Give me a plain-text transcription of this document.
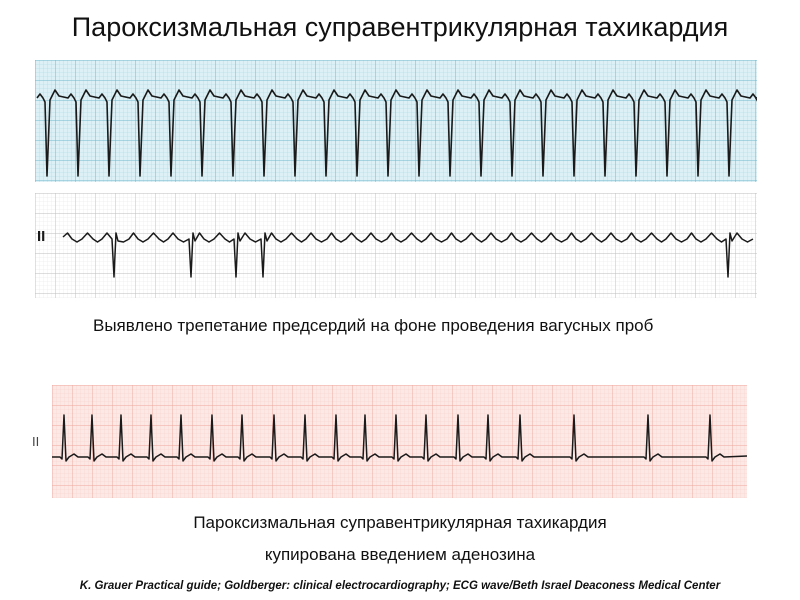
Пароксизмальная суправентрикулярная тахикардия
II
Выявлено трепетание предсердий на фоне проведения вагусных проб
II
Пароксизмальная суправентрикулярная тахикардия
купирована введением аденозина
K. Grauer Practical guide; Goldberger: clinical electrocardiography; ECG wave/Beth Israel Deaconess Medical Center
